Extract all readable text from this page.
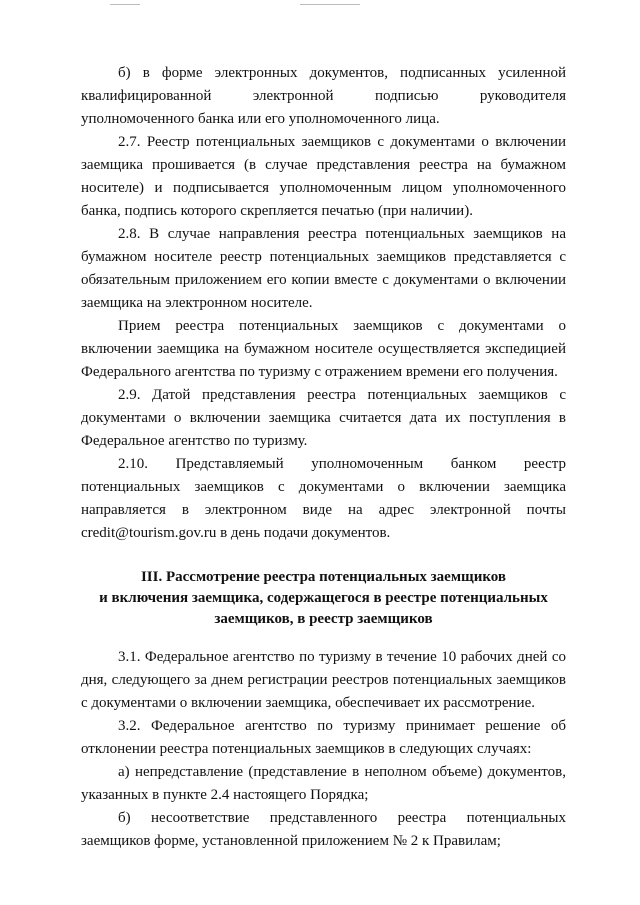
б) в форме электронных документов, подписанных усиленной
квалифицированной электронной подписью руководителя
уполномоченного банка или его уполномоченного лица.
2.7. Реестр потенциальных заемщиков с документами о включении
заемщика прошивается (в случае представления реестра на бумажном
носителе) и подписывается уполномоченным лицом уполномоченного
банка, подпись которого скрепляется печатью (при наличии).
2.8. В случае направления реестра потенциальных заемщиков на
бумажном носителе реестр потенциальных заемщиков представляется с
обязательным приложением его копии вместе с документами о включении
заемщика на электронном носителе.
Прием реестра потенциальных заемщиков с документами о
включении заемщика на бумажном носителе осуществляется экспедицией
Федерального агентства по туризму с отражением времени его получения.
2.9. Датой представления реестра потенциальных заемщиков с
документами о включении заемщика считается дата их поступления в
Федеральное агентство по туризму.
2.10. Представляемый уполномоченным банком реестр
потенциальных заемщиков с документами о включении заемщика
направляется в электронном виде на адрес электронной почты
credit@tourism.gov.ru в день подачи документов.
III. Рассмотрение реестра потенциальных заемщиков
и включения заемщика, содержащегося в реестре потенциальных
заемщиков, в реестр заемщиков
3.1. Федеральное агентство по туризму в течение 10 рабочих дней со
дня, следующего за днем регистрации реестров потенциальных заемщиков
с документами о включении заемщика, обеспечивает их рассмотрение.
3.2. Федеральное агентство по туризму принимает решение об
отклонении реестра потенциальных заемщиков в следующих случаях:
а) непредставление (представление в неполном объеме) документов,
указанных в пункте 2.4 настоящего Порядка;
б) несоответствие представленного реестра потенциальных
заемщиков форме, установленной приложением № 2 к Правилам;
